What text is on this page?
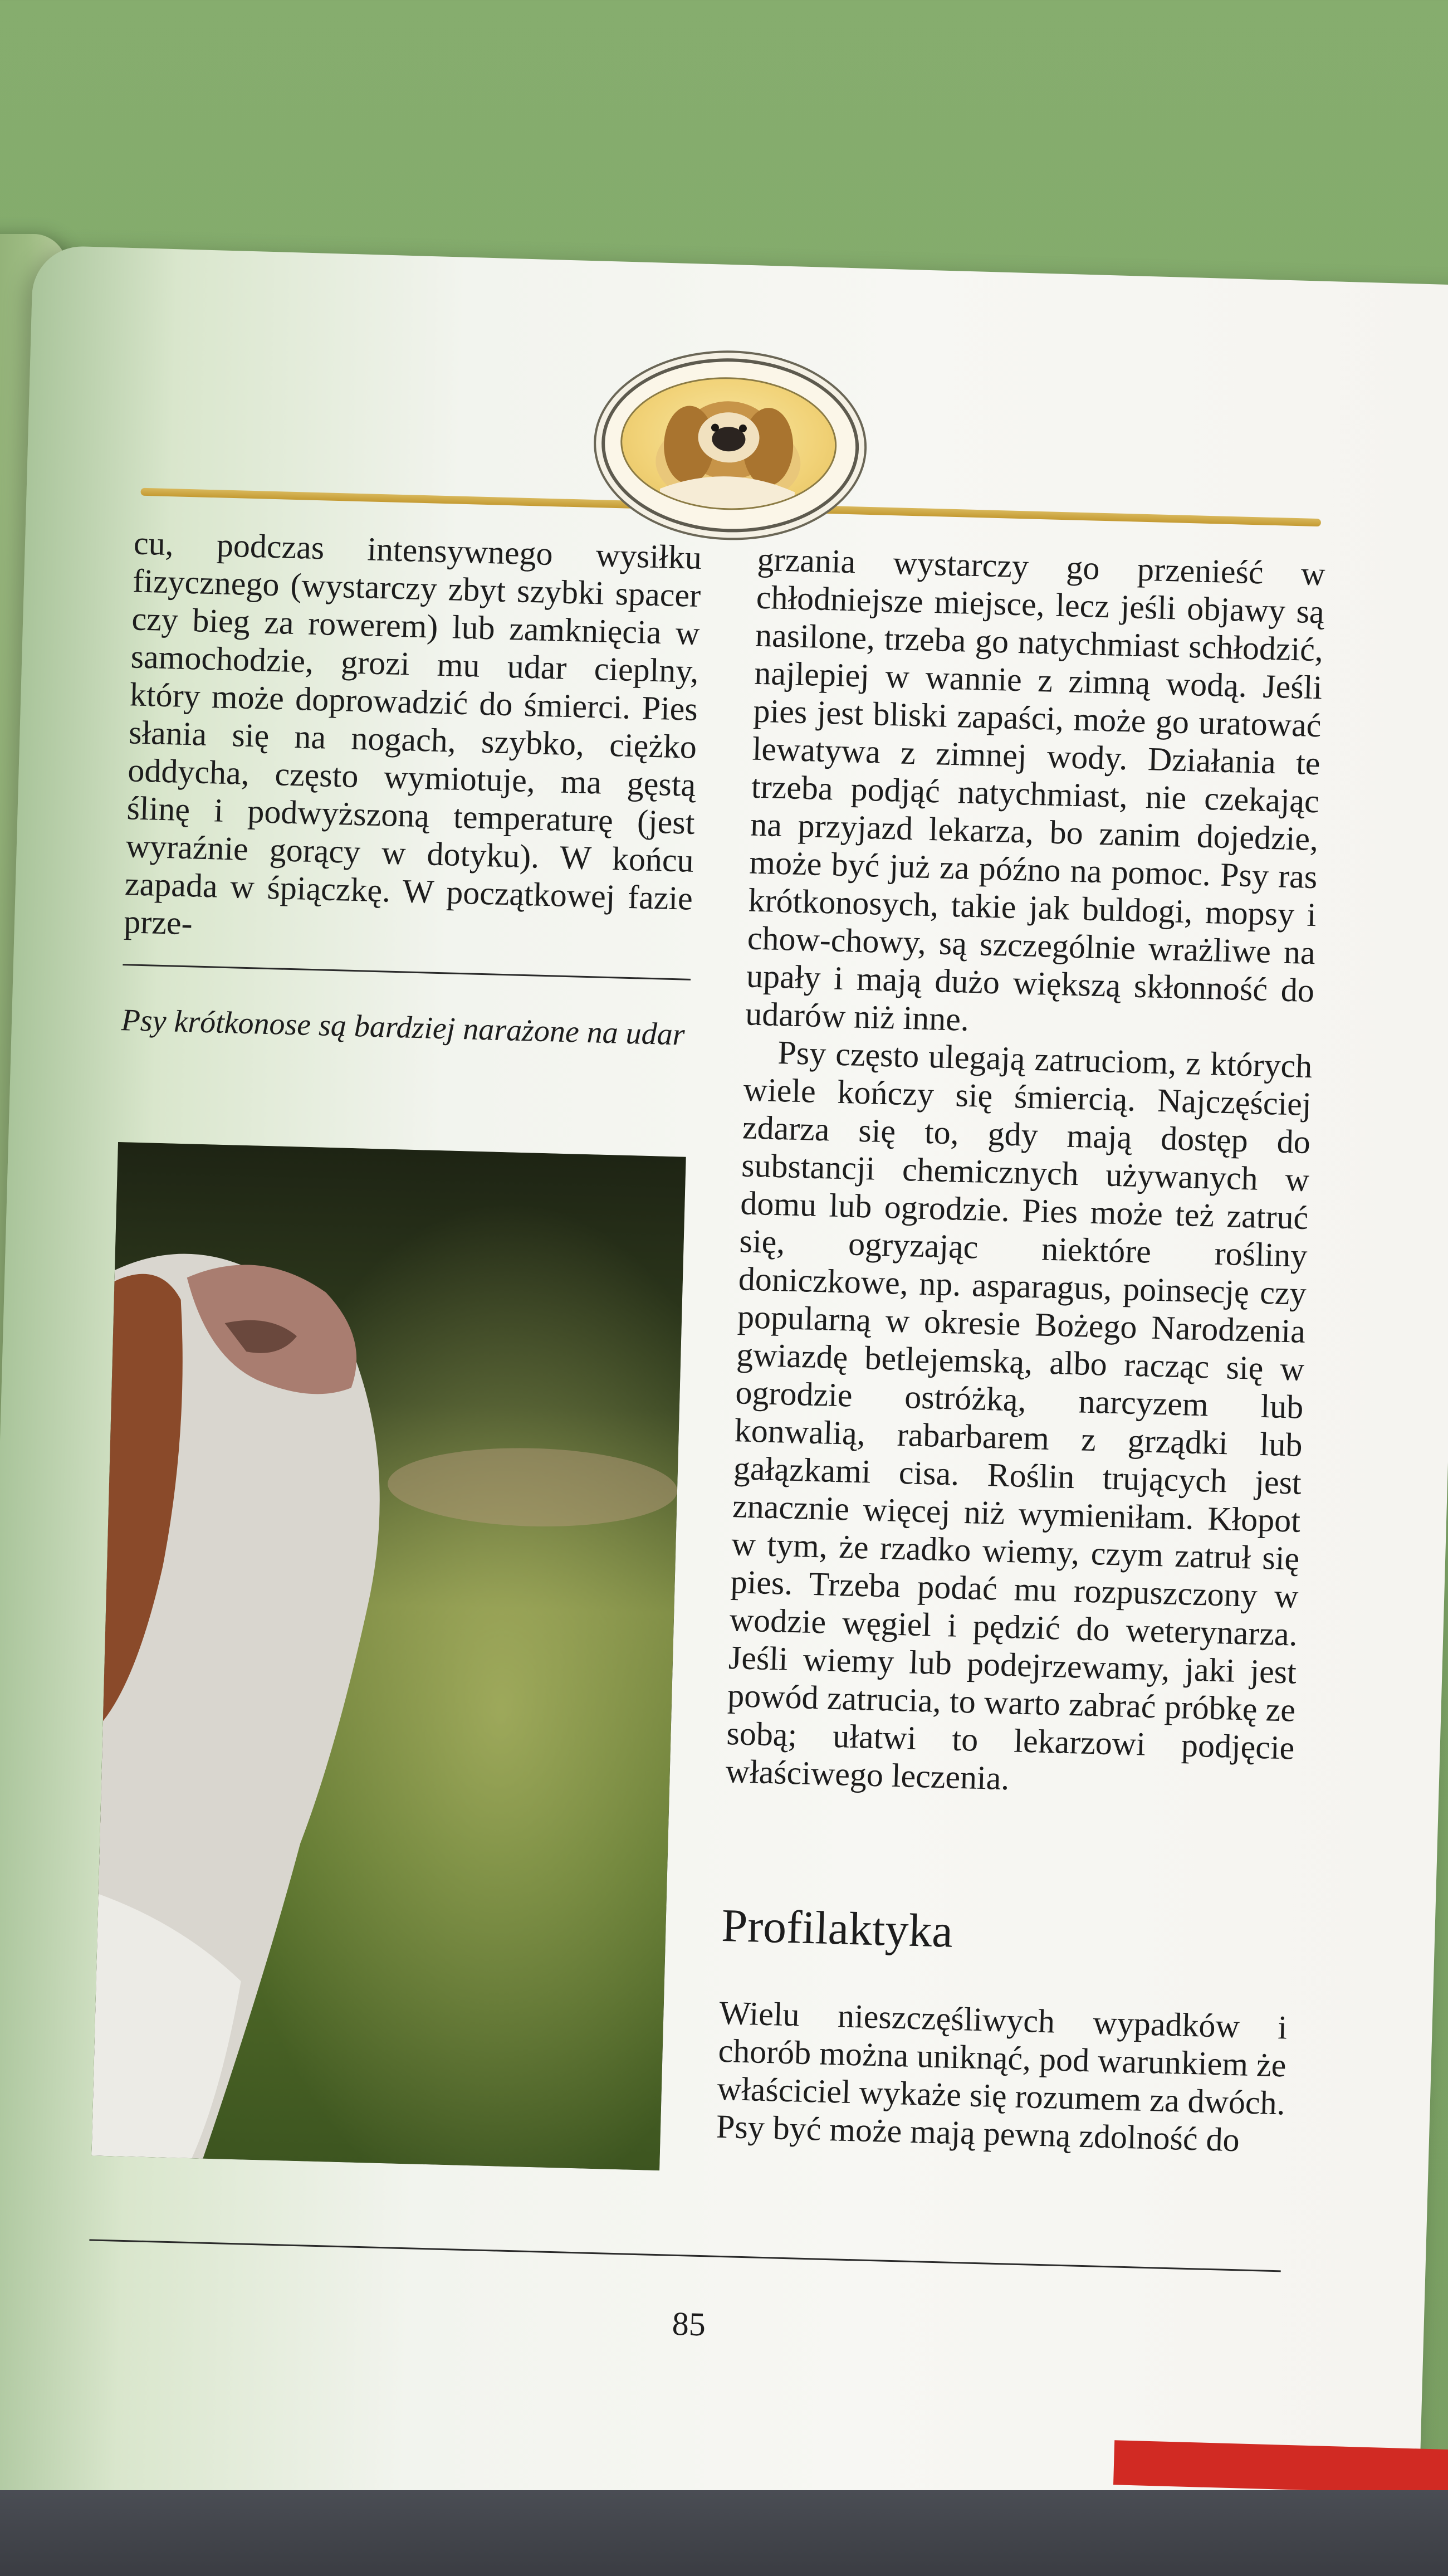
cu, podczas intensywnego wysiłku fizycznego (wystarczy zbyt szybki spacer czy bieg za rowerem) lub zamknięcia w samochodzie, grozi mu udar cieplny, który może doprowadzić do śmierci. Pies słania się na nogach, szybko, ciężko oddycha, często wymiotuje, ma gęstą ślinę i podwyższoną temperaturę (jest wyraźnie gorący w dotyku). W końcu zapada w śpiączkę. W początkowej fazie prze-

Psy krótkonose są bardziej narażone na udar

grzania wystarczy go przenieść w chłodniejsze miejsce, lecz jeśli objawy są nasilone, trzeba go natychmiast schłodzić, najlepiej w wannie z zimną wodą. Jeśli pies jest bliski zapaści, może go uratować lewatywa z zimnej wody. Działania te trzeba podjąć natychmiast, nie czekając na przyjazd lekarza, bo zanim dojedzie, może być już za późno na pomoc. Psy ras krótkonosych, takie jak buldogi, mopsy i chow-chowy, są szczególnie wrażliwe na upały i mają dużo większą skłonność do udarów niż inne.

Psy często ulegają zatruciom, z których wiele kończy się śmiercią. Najczęściej zdarza się to, gdy mają dostęp do substancji chemicznych używanych w domu lub ogrodzie. Pies może też zatruć się, ogryzając niektóre rośliny doniczkowe, np. asparagus, poinsecję czy popularną w okresie Bożego Narodzenia gwiazdę betlejemską, albo racząc się w ogrodzie ostróżką, narcyzem lub konwalią, rabarbarem z grządki lub gałązkami cisa. Roślin trujących jest znacznie więcej niż wymieniłam. Kłopot w tym, że rzadko wiemy, czym zatruł się pies. Trzeba podać mu rozpuszczony w wodzie węgiel i pędzić do weterynarza. Jeśli wiemy lub podejrzewamy, jaki jest powód zatrucia, to warto zabrać próbkę ze sobą; ułatwi to lekarzowi podjęcie właściwego leczenia.

Profilaktyka

Wielu nieszczęśliwych wypadków i chorób można uniknąć, pod warunkiem że właściciel wykaże się rozumem za dwóch. Psy być może mają pewną zdolność do

85
